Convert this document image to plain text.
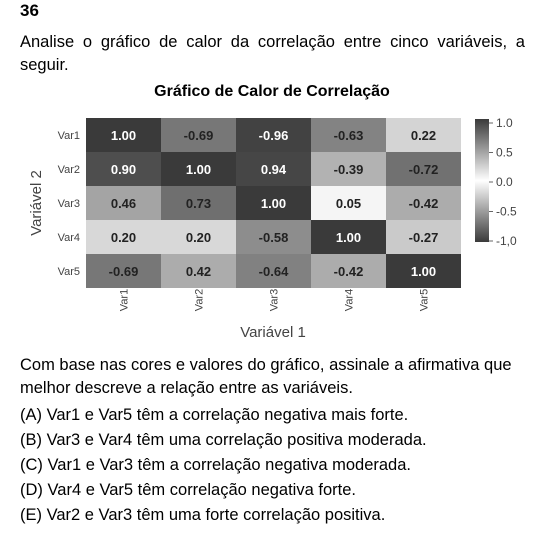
36

Analise o gráfico de calor da correlação entre cinco variáveis, a seguir.

Gráfico de Calor de Correlação
1.00	-0.69	-0.96	-0.63	0.22
0.90	1.00	0.94	-0.39	-0.72
0.46	0.73	1.00	0.05	-0.42
0.20	0.20	-0.58	1.00	-0.27
-0.69	0.42	-0.64	-0.42	1.00
Var1
Var2
Var3
Var4
Var5
Var1	Var2	Var3	Var4	Var5
Variável 2
Variável 1
1.0
0.5
0.0
-0.5
-1,0

Com base nas cores e valores do gráfico, assinale a afirmativa que melhor descreve a relação entre as variáveis.

(A) Var1 e Var5 têm a correlação negativa mais forte.
(B) Var3 e Var4 têm uma correlação positiva moderada.
(C) Var1 e Var3 têm a correlação negativa moderada.
(D) Var4 e Var5 têm correlação negativa forte.
(E) Var2 e Var3 têm uma forte correlação positiva.
